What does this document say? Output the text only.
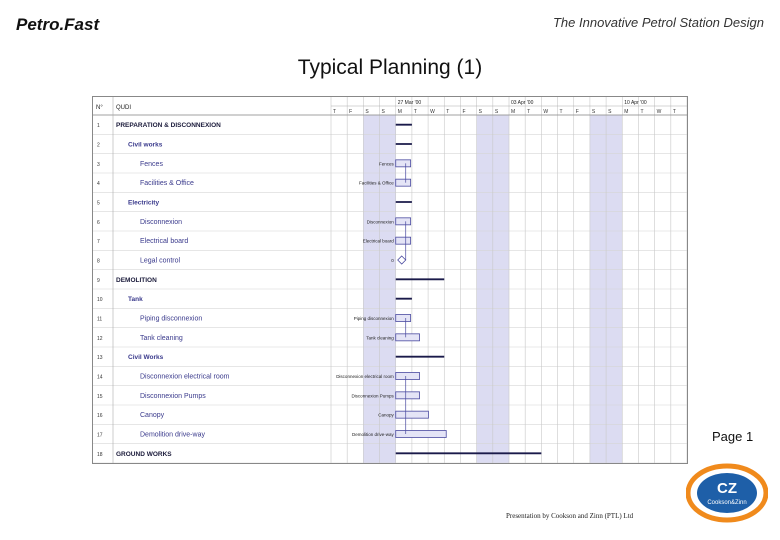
Petro.Fast	The Innovative Petrol Station Design
Typical Planning (1)
N° QUDI
27 Mar '00	03 Apr '00	10 Apr '00
T	F	S	S	M T	W T	F	S	S	M T	W T	F	S	S	M T	W T
1 PREPARATION & DISCONNEXION
2	Civil works
3	Fences	Fences
4	Facilities & Office	Facilities & Office
5	Electricity
6	Disconnexion	Disconnexion
7	Electrical board	Electrical board
8	Legal control	0
9 DEMOLITION
10	Tank
11	Piping disconnexion	Piping disconnexion
12	Tank cleaning	Tank cleaning
13	Civil Works
14	Disconnexion electrical room	Disconnexion electrical room
15	Disconnexion Pumps	Disconnexion Pumps
16	Canopy	Canopy
17	Demolition drive-way	Demolition drive-way
18 GROUND WORKS
Page 1
CZ
Cookson&Zinn
Presentation by Cookson and Zinn (PTL) Ltd
